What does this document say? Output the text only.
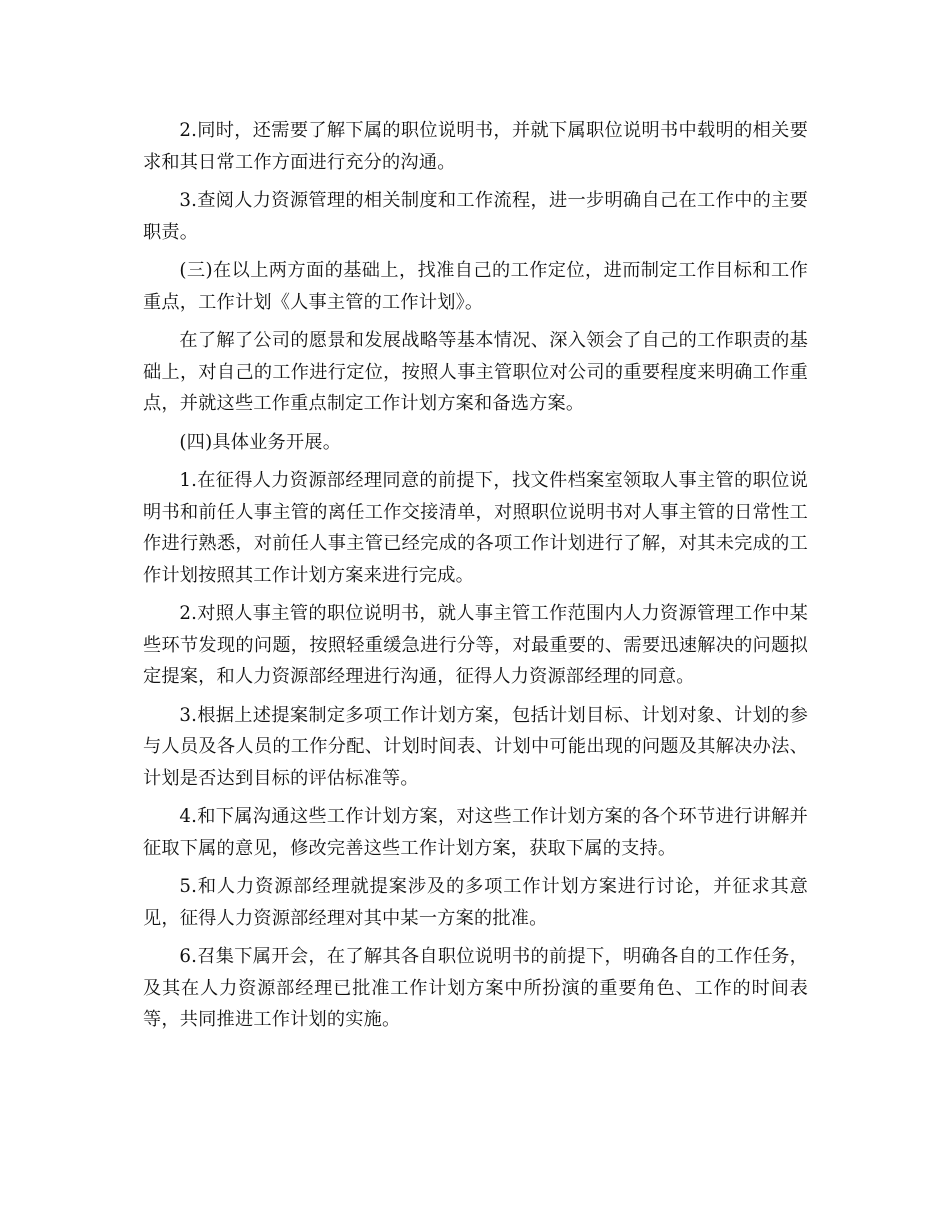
2.同时，还需要了解下属的职位说明书，并就下属职位说明书中载明的相关要求和其日常工作方面进行充分的沟通。

3.查阅人力资源管理的相关制度和工作流程，进一步明确自己在工作中的主要职责。

(三)在以上两方面的基础上，找准自己的工作定位，进而制定工作目标和工作重点，工作计划《人事主管的工作计划》。

在了解了公司的愿景和发展战略等基本情况、深入领会了自己的工作职责的基础上，对自己的工作进行定位，按照人事主管职位对公司的重要程度来明确工作重点，并就这些工作重点制定工作计划方案和备选方案。

(四)具体业务开展。

1.在征得人力资源部经理同意的前提下，找文件档案室领取人事主管的职位说明书和前任人事主管的离任工作交接清单，对照职位说明书对人事主管的日常性工作进行熟悉，对前任人事主管已经完成的各项工作计划进行了解，对其未完成的工作计划按照其工作计划方案来进行完成。

2.对照人事主管的职位说明书，就人事主管工作范围内人力资源管理工作中某些环节发现的问题，按照轻重缓急进行分等，对最重要的、需要迅速解决的问题拟定提案，和人力资源部经理进行沟通，征得人力资源部经理的同意。

3.根据上述提案制定多项工作计划方案，包括计划目标、计划对象、计划的参与人员及各人员的工作分配、计划时间表、计划中可能出现的问题及其解决办法、计划是否达到目标的评估标准等。

4.和下属沟通这些工作计划方案，对这些工作计划方案的各个环节进行讲解并征取下属的意见，修改完善这些工作计划方案，获取下属的支持。

5.和人力资源部经理就提案涉及的多项工作计划方案进行讨论，并征求其意见，征得人力资源部经理对其中某一方案的批准。

6.召集下属开会，在了解其各自职位说明书的前提下，明确各自的工作任务，及其在人力资源部经理已批准工作计划方案中所扮演的重要角色、工作的时间表等，共同推进工作计划的实施。
